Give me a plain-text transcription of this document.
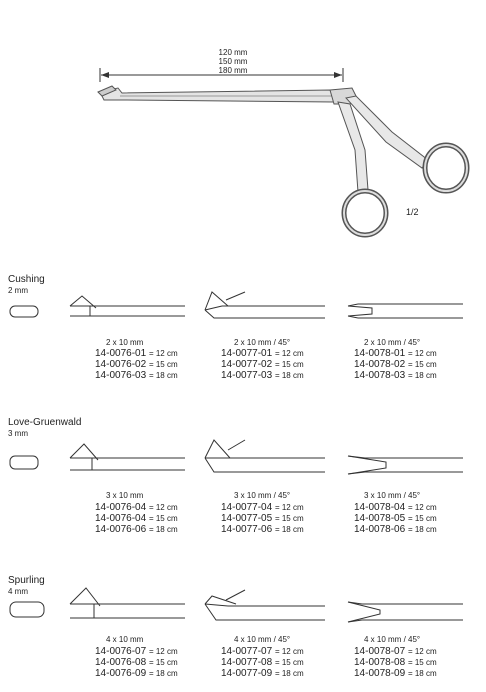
120 mm
150 mm
180 mm
1/2
Cushing
2 mm
Love-Gruenwald
3 mm
Spurling
4 mm
2 x 10 mm
14-0076-01 = 12 cm
14-0076-02 = 15 cm
14-0076-03 = 18 cm
2 x 10 mm / 45°
14-0077-01 = 12 cm
14-0077-02 = 15 cm
14-0077-03 = 18 cm
2 x 10 mm / 45°
14-0078-01 = 12 cm
14-0078-02 = 15 cm
14-0078-03 = 18 cm
3 x 10 mm
14-0076-04 = 12 cm
14-0076-04 = 15 cm
14-0076-06 = 18 cm
3 x 10 mm / 45°
14-0077-04 = 12 cm
14-0077-05 = 15 cm
14-0077-06 = 18 cm
3 x 10 mm / 45°
14-0078-04 = 12 cm
14-0078-05 = 15 cm
14-0078-06 = 18 cm
4 x 10 mm
14-0076-07 = 12 cm
14-0076-08 = 15 cm
14-0076-09 = 18 cm
4 x 10 mm / 45°
14-0077-07 = 12 cm
14-0077-08 = 15 cm
14-0077-09 = 18 cm
4 x 10 mm / 45°
14-0078-07 = 12 cm
14-0078-08 = 15 cm
14-0078-09 = 18 cm
